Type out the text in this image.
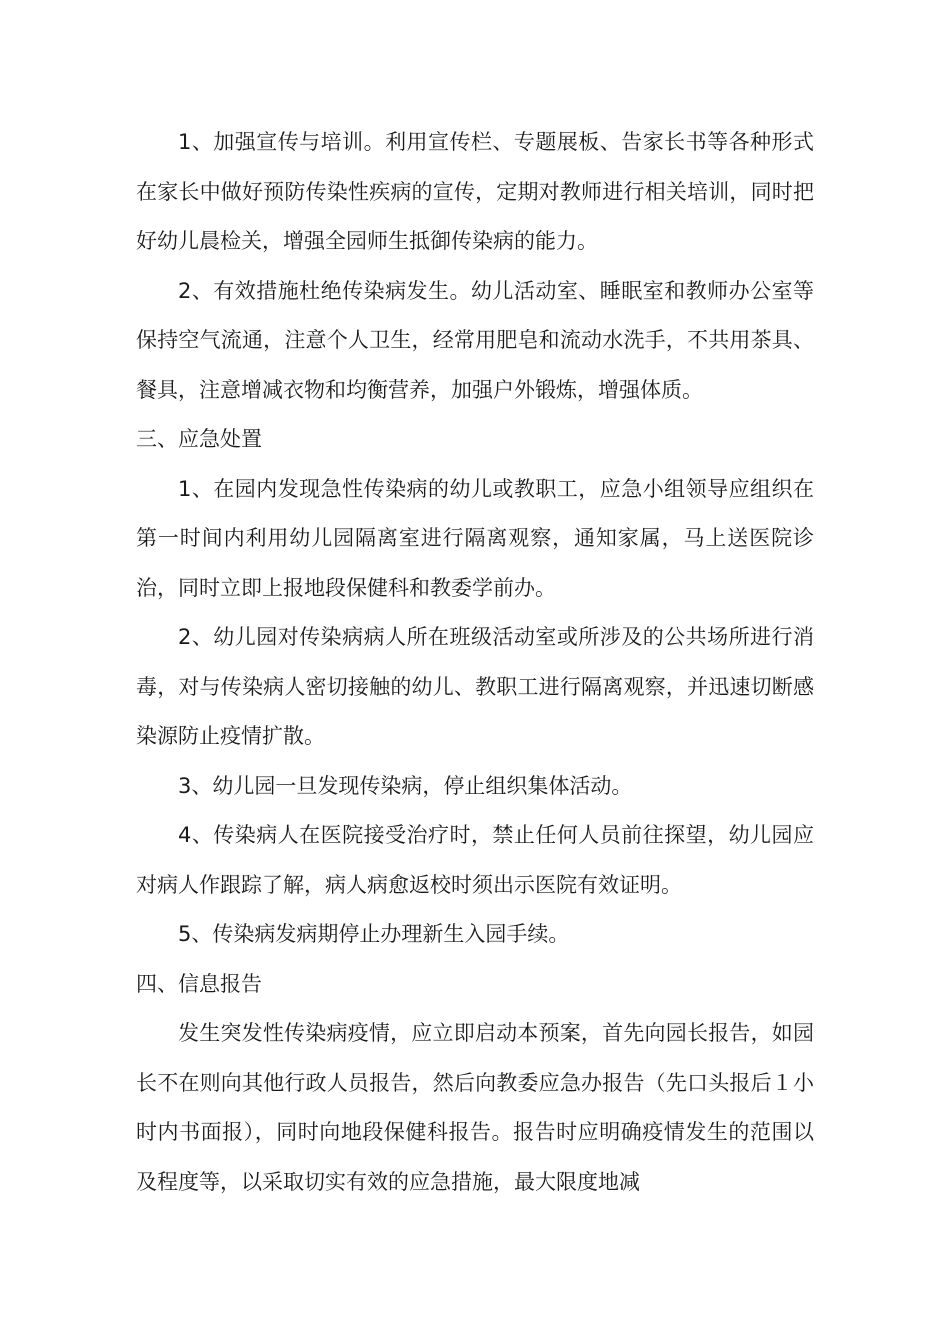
1、加强宣传与培训。利用宣传栏、专题展板、告家长书等各种形式在家长中做好预防传染性疾病的宣传，定期对教师进行相关培训，同时把好幼儿晨检关，增强全园师生抵御传染病的能力。

2、有效措施杜绝传染病发生。幼儿活动室、睡眠室和教师办公室等保持空气流通，注意个人卫生，经常用肥皂和流动水洗手，不共用茶具、餐具，注意增减衣物和均衡营养，加强户外锻炼，增强体质。

三、应急处置

1、在园内发现急性传染病的幼儿或教职工，应急小组领导应组织在第一时间内利用幼儿园隔离室进行隔离观察，通知家属，马上送医院诊治，同时立即上报地段保健科和教委学前办。

2、幼儿园对传染病病人所在班级活动室或所涉及的公共场所进行消毒，对与传染病人密切接触的幼儿、教职工进行隔离观察，并迅速切断感染源防止疫情扩散。

3、幼儿园一旦发现传染病，停止组织集体活动。

4、传染病人在医院接受治疗时，禁止任何人员前往探望，幼儿园应对病人作跟踪了解，病人病愈返校时须出示医院有效证明。

5、传染病发病期停止办理新生入园手续。

四、信息报告

发生突发性传染病疫情，应立即启动本预案，首先向园长报告，如园长不在则向其他行政人员报告，然后向教委应急办报告（先口头报后１小时内书面报），同时向地段保健科报告。报告时应明确疫情发生的范围以及程度等，以采取切实有效的应急措施，最大限度地减
